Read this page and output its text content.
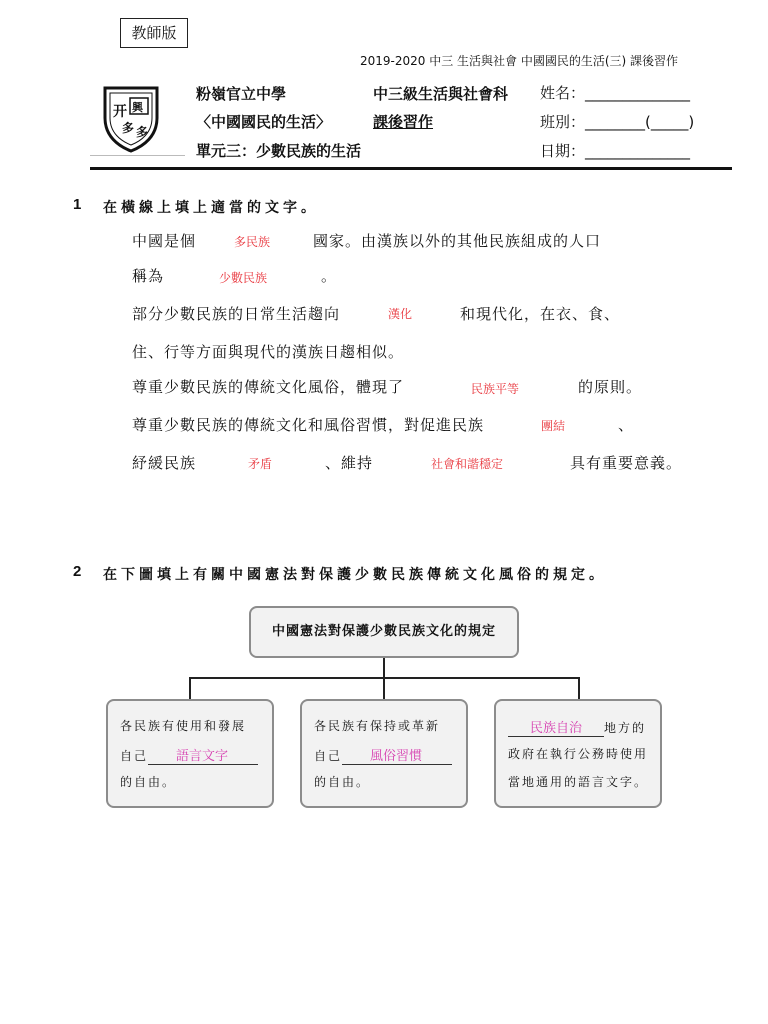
教師版
2019-2020 中三 生活與社會 中國國民的生活(三) 課後習作
开 興
多 多
粉嶺官立中學
〈中國國民的生活〉
單元三：少數民族的生活
中三級生活與社會科
課後習作
姓名：______________
班別：________(_____)
日期：______________
1 在橫線上填上適當的文字。
中國是個	多民族	國家。由漢族以外的其他民族組成的人口
稱為	少數民族	。
部分少數民族的日常生活趨向	漢化	和現代化，在衣、食、
住、行等方面與現代的漢族日趨相似。
尊重少數民族的傳統文化風俗，體現了	民族平等	的原則。
尊重少數民族的傳統文化和風俗習慣，對促進民族	團結	、
紓緩民族	矛盾	、維持	社會和諧穩定	具有重要意義。
2 在下圖填上有關中國憲法對保護少數民族傳統文化風俗的規定。
中國憲法對保護少數民族文化的規定
各民族有使用和發展
自己 語言文字
的自由。
各民族有保持或革新
自己 風俗習慣
的自由。
民族自治 地方的
政府在執行公務時使用
當地通用的語言文字。
